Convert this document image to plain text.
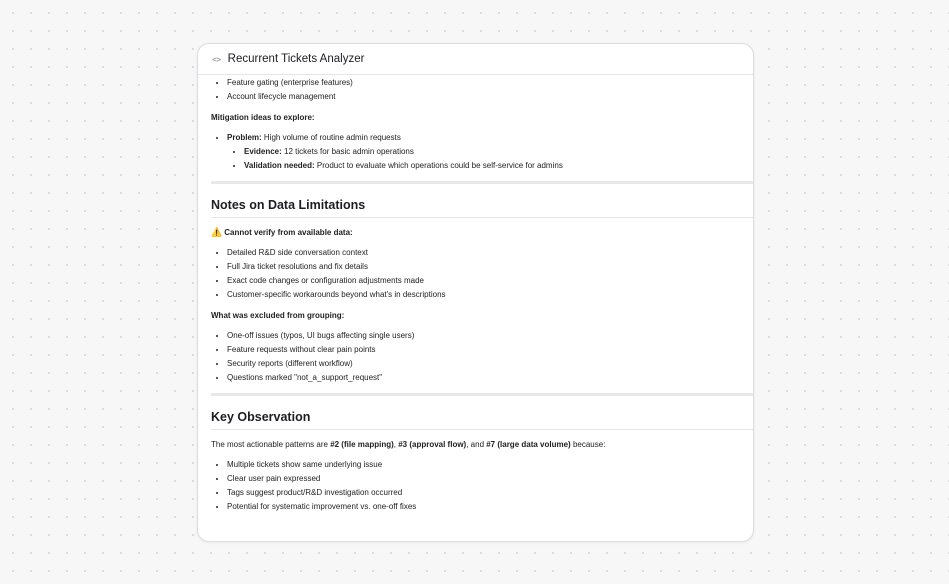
<> Recurrent Tickets Analyzer
• Feature gating (enterprise features)
• Account lifecycle management

Mitigation ideas to explore:

• Problem: High volume of routine admin requests
• Evidence: 12 tickets for basic admin operations
• Validation needed: Product to evaluate which operations could be self-service for admins
Notes on Data Limitations

⚠️ Cannot verify from available data:

• Detailed R&D side conversation context
• Full Jira ticket resolutions and fix details
• Exact code changes or configuration adjustments made
• Customer-specific workarounds beyond what's in descriptions

What was excluded from grouping:

• One-off issues (typos, UI bugs affecting single users)
• Feature requests without clear pain points
• Security reports (different workflow)
• Questions marked "not_a_support_request"
Key Observation

The most actionable patterns are #2 (file mapping), #3 (approval flow), and #7 (large data volume) because:

• Multiple tickets show same underlying issue
• Clear user pain expressed
• Tags suggest product/R&D investigation occurred
• Potential for systematic improvement vs. one-off fixes
